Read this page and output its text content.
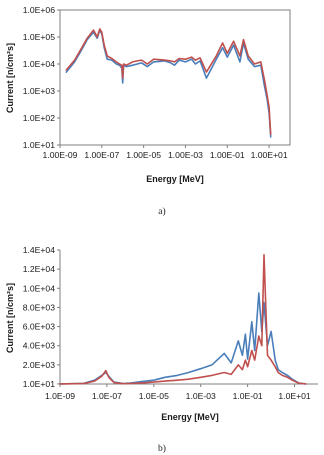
1.0E+01
1.0E+02
1.0E+03
1.0E+04
1.0E+05
1.0E+06
1.00E-09 1.00E-07 1.00E-05 1.00E-03 1.00E-01 1.00E+01
Current [n/cm²s]
Energy [MeV]
a)
1.0E+01
2.0E+03
4.0E+03
6.0E+03
8.0E+03
1.0E+04
1.2E+04
1.4E+04
1.0E-09 1.0E-07 1.0E-05 1.0E-03 1.0E-01 1.0E+01
Current [n/cm²s]
Energy [MeV]
b)
